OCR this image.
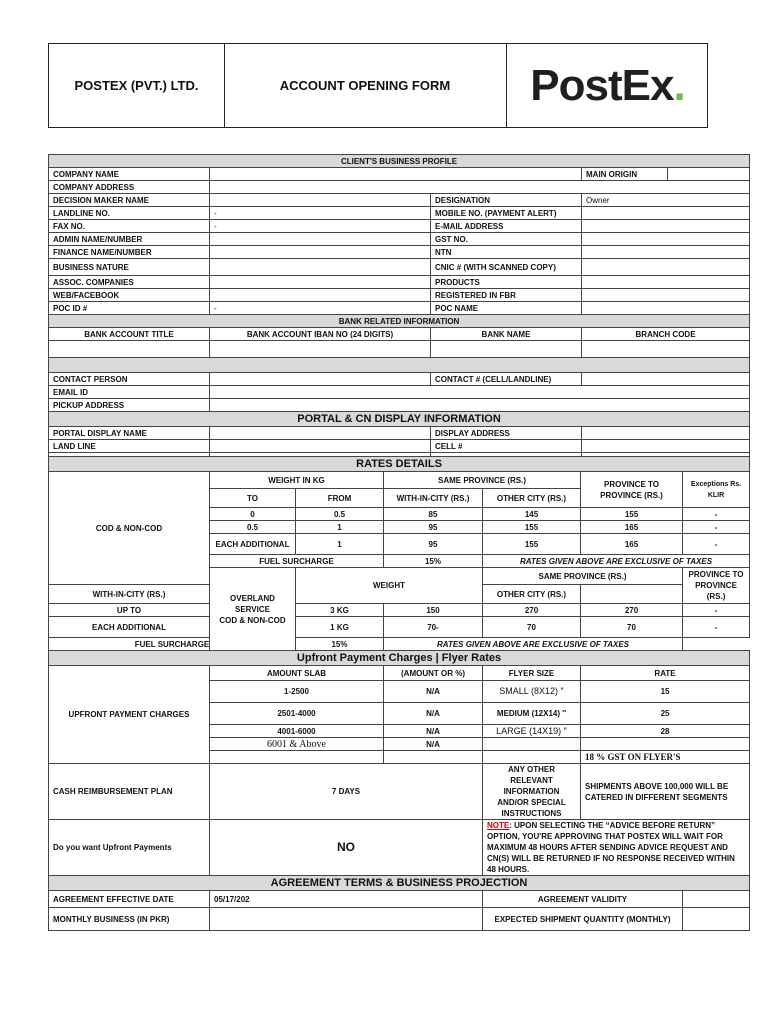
POSTEX (PVT.) LTD.	ACCOUNT OPENING FORM	PostEx.
CLIENT'S BUSINESS PROFILE				
COMPANY NAME			MAIN ORIGIN	
COMPANY ADDRESS				
DECISION MAKER NAME		DESIGNATION	Owner	
LANDLINE NO.	-	MOBILE NO. (PAYMENT ALERT)		
FAX NO.	-	E-MAIL ADDRESS		
ADMIN NAME/NUMBER		GST NO.		
FINANCE NAME/NUMBER		NTN		
BUSINESS NATURE		CNIC # (WITH SCANNED COPY)		
ASSOC. COMPANIES		PRODUCTS		
WEB/FACEBOOK		REGISTERED IN FBR		
POC ID #	-	POC NAME		
BANK RELATED INFORMATION				
BANK ACCOUNT TITLE	BANK ACCOUNT IBAN NO (24 DIGITS)	BANK NAME	BRANCH CODE	

CONTACT PERSON		CONTACT # (CELL/LANDLINE)		
EMAIL ID				
PICKUP ADDRESS				
PORTAL & CN DISPLAY INFORMATION				
PORTAL DISPLAY NAME		DISPLAY ADDRESS		
LAND LINE		CELL #		

RATES DETAILS							
COD & NON-COD	WEIGHT IN KG		SAME PROVINCE (RS.)		PROVINCE TO PROVINCE (RS.)	Exceptions Rs. KLIR	
	TO	FROM	WITH-IN-CITY (RS.)	OTHER CITY (RS.)			
	0	0.5	85	145	155	-	
	0.5	1	95	155	165	-	
	EACH ADDITIONAL	1	95	155	165	-	
	FUEL SURCHARGE		15%	RATES GIVEN ABOVE ARE EXCLUSIVE OF TAXES			
	OVERLAND SERVICE
COD & NON-COD	WEIGHT		SAME PROVINCE (RS.)		PROVINCE TO PROVINCE (RS.)	
WITH-IN-CITY (RS.)				OTHER CITY (RS.)			
UP TO		3 KG	150	270	270	-	
EACH ADDITIONAL		1 KG	70-	70	70	-	
FUEL SURCHARGE		15%	RATES GIVEN ABOVE ARE EXCLUSIVE OF TAXES				
Upfront Payment Charges | Flyer Rates							
UPFRONT PAYMENT CHARGES	AMOUNT SLAB		(AMOUNT OR %)	FLYER SIZE	RATE		
	1-2500		N/A	SMALL (8X12) ″	15		
	2501-4000		N/A	MEDIUM (12X14) ″	25		
	4001-6000		N/A	LARGE (14X19) ″	28		
	6001 & Above		N/A				
					18 % GST ON FLYER'S		
CASH REIMBURSEMENT PLAN	7 DAYS			ANY OTHER RELEVANT INFORMATION AND/OR SPECIAL INSTRUCTIONS	SHIPMENTS ABOVE 100,000 WILL BE CATERED IN DIFFERENT SEGMENTS		
Do you want Upfront Payments	NO			NOTE: UPON SELECTING THE “ADVICE BEFORE RETURN” OPTION, YOU'RE APPROVING THAT POSTEX WILL WAIT FOR MAXIMUM 48 HOURS AFTER SENDING ADVICE REQUEST AND CN(S) WILL BE RETURNED IF NO RESPONSE RECEIVED WITHIN 48 HOURS.			
AGREEMENT TERMS & BUSINESS PROJECTION							
AGREEMENT EFFECTIVE DATE	05/17/202			AGREEMENT VALIDITY			
MONTHLY BUSINESS (IN PKR)				EXPECTED SHIPMENT QUANTITY (MONTHLY)			
